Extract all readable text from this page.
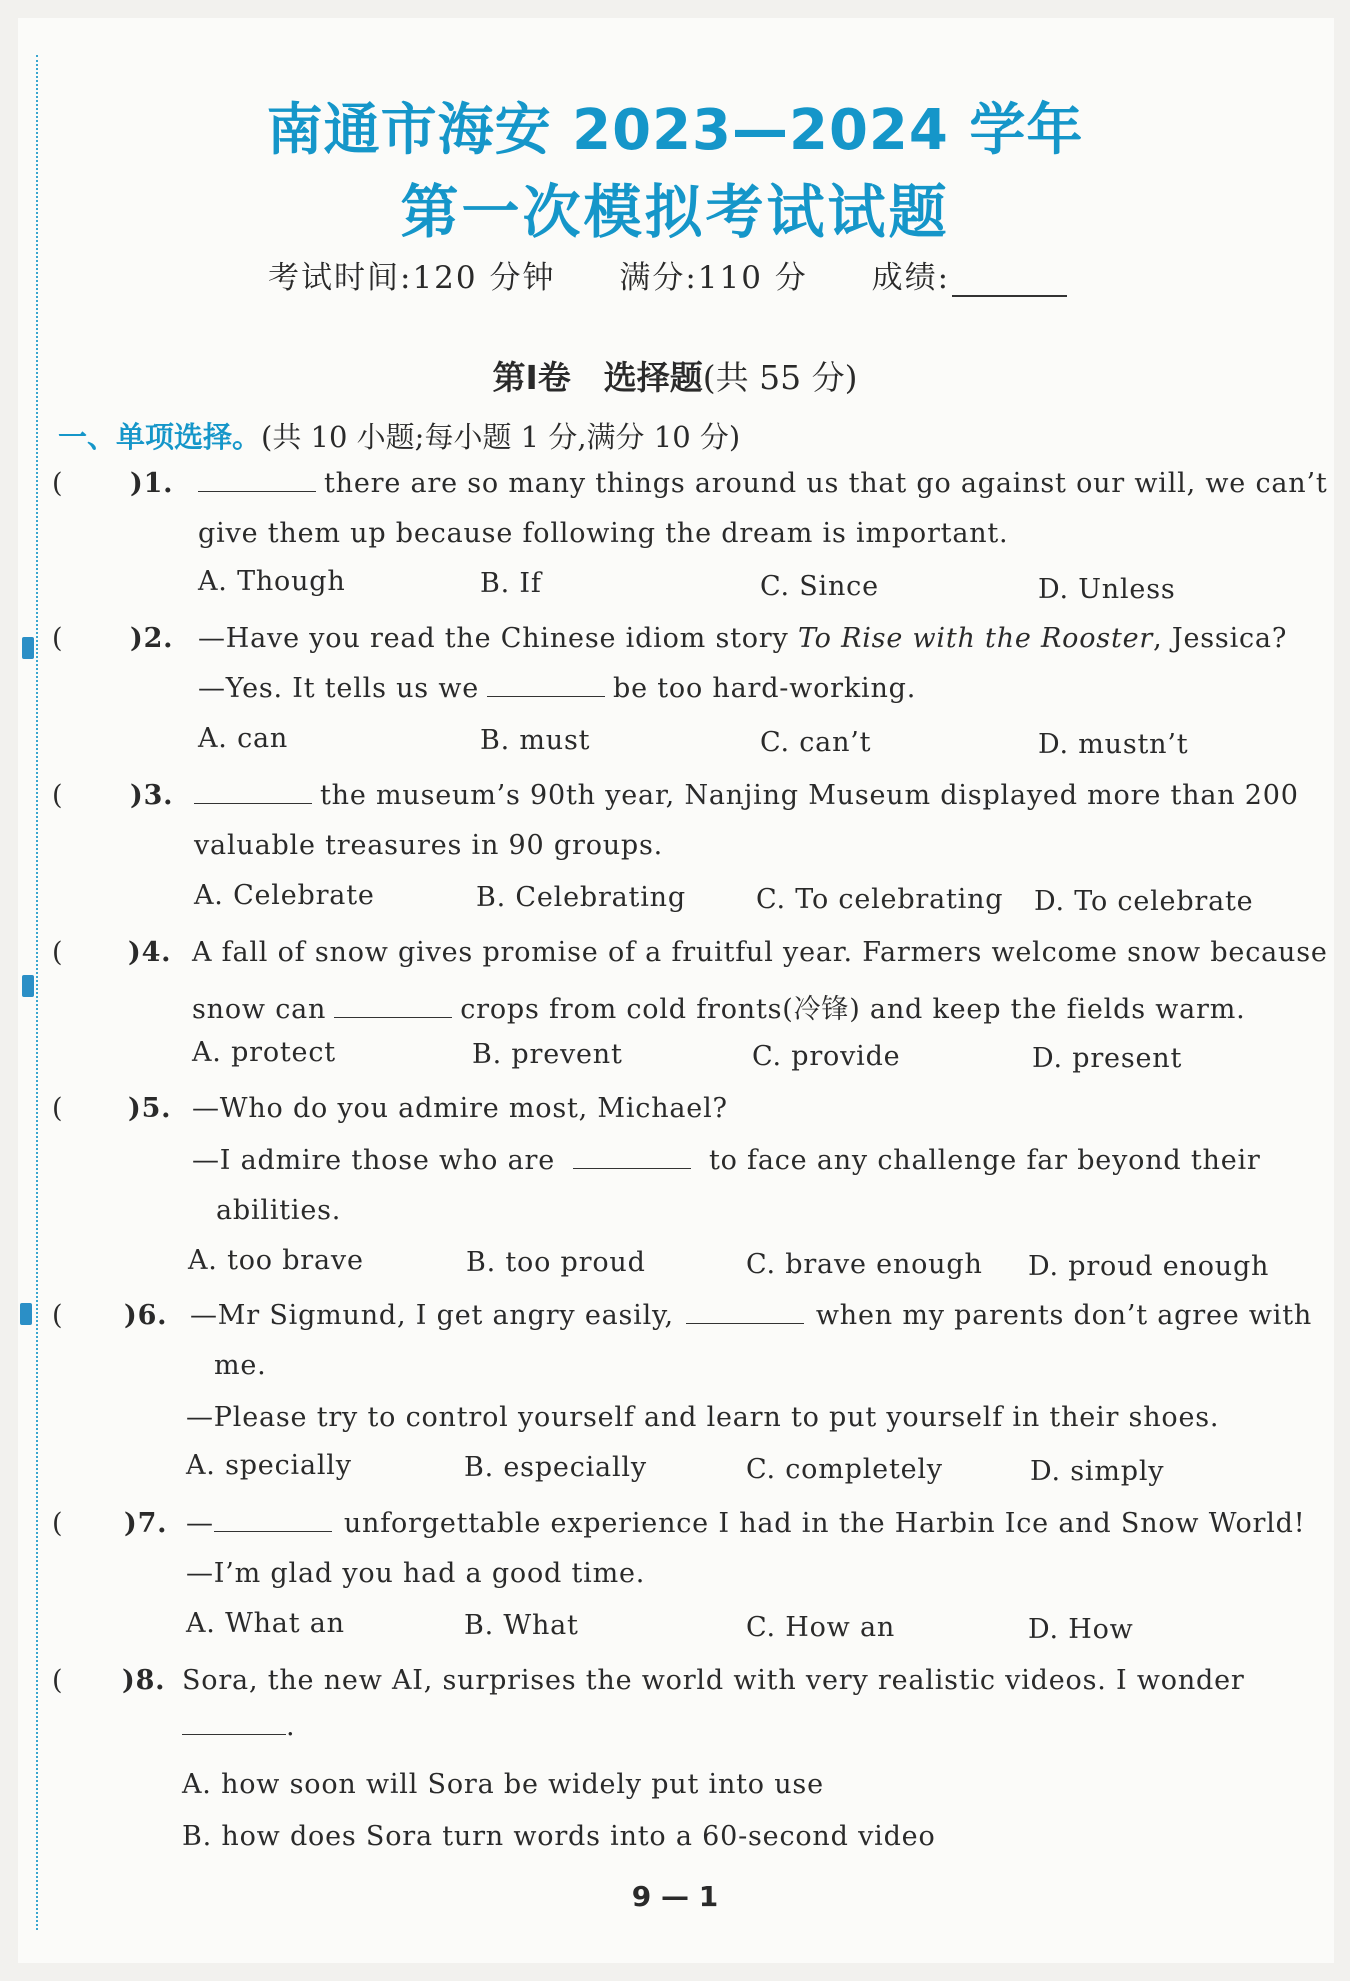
南通市海安 2023—2024 学年
第一次模拟考试试题
考试时间:120 分钟 满分:110 分 成绩:
第Ⅰ卷　选择题(共 55 分)
一、单项选择。(共 10 小题;每小题 1 分,满分 10 分)
( )1.	there are so many things around us that go against our will, we can’t
give them up because following the dream is important.
A. Though	B. If	C. Since	D. Unless
( )2. —Have you read the Chinese idiom story To Rise with the Rooster, Jessica?
—Yes. It tells us we	be too hard-working.
A. can	B. must	C. can’t	D. mustn’t
( )3.	the museum’s 90th year, Nanjing Museum displayed more than 200
valuable treasures in 90 groups.
A. Celebrate	B. Celebrating	C. To celebrating D. To celebrate
( )4. A fall of snow gives promise of a fruitful year. Farmers welcome snow because
snow can	crops from cold fronts(冷锋) and keep the fields warm.
A. protect	B. prevent	C. provide	D. present
( )5. —Who do you admire most, Michael?
—I admire those who are	to face any challenge far beyond their
abilities.
A. too brave	B. too proud	C. brave enough D. proud enough
( )6. —Mr Sigmund, I get angry easily,	when my parents don’t agree with
me.
—Please try to control yourself and learn to put yourself in their shoes.
A. specially	B. especially	C. completely	D. simply
( )7. —	unforgettable experience I had in the Harbin Ice and Snow World!
—I’m glad you had a good time.
A. What an	B. What	C. How an	D. How
( )8. Sora, the new AI, surprises the world with very realistic videos. I wonder
.
A. how soon will Sora be widely put into use
B. how does Sora turn words into a 60-second video
9 — 1
